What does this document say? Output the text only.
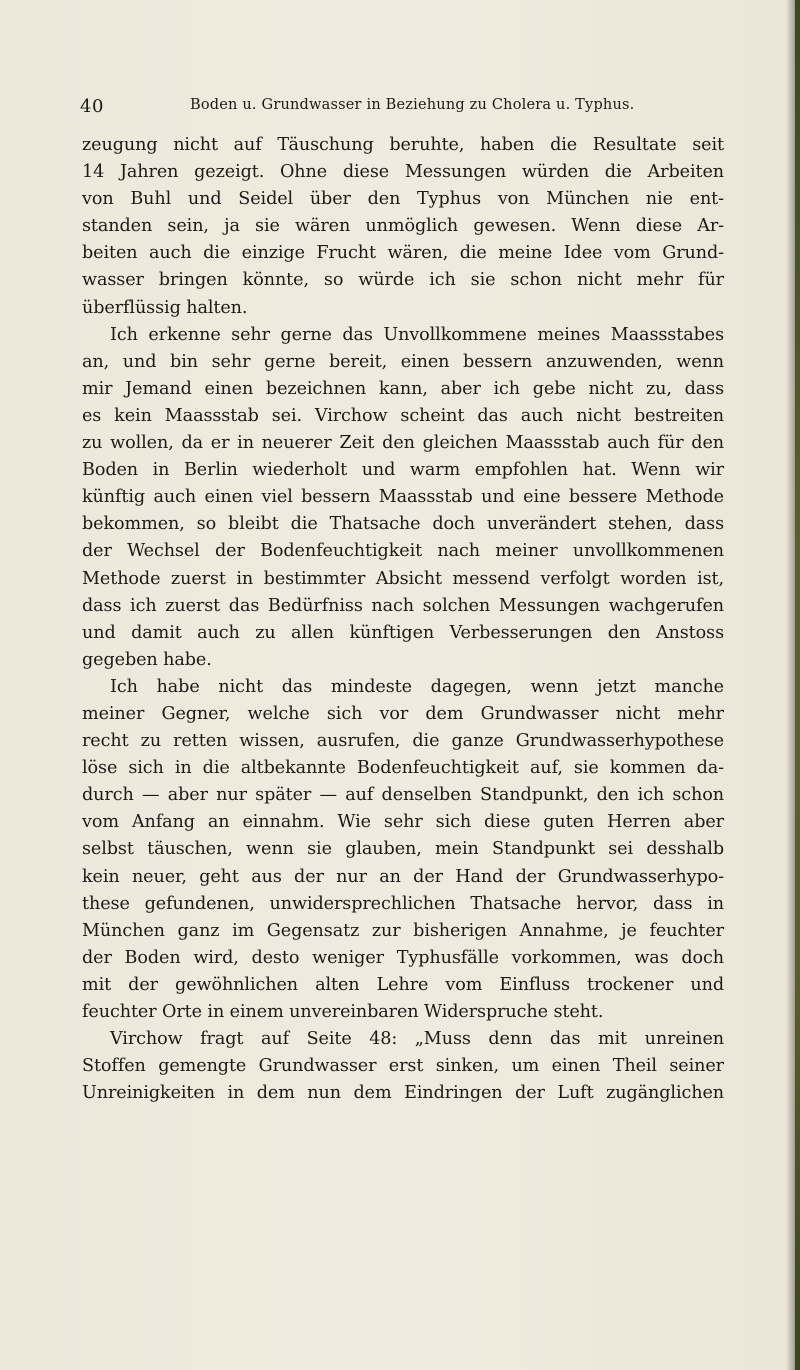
40	Boden u. Grundwasser in Beziehung zu Cholera u. Typhus.
zeugung nicht auf Täuschung beruhte, haben die Resultate seit
14 Jahren gezeigt. Ohne diese Messungen würden die Arbeiten
von Buhl und Seidel über den Typhus von München nie ent-
standen sein, ja sie wären unmöglich gewesen. Wenn diese Ar-
beiten auch die einzige Frucht wären, die meine Idee vom Grund-
wasser bringen könnte, so würde ich sie schon nicht mehr für
überflüssig halten.
Ich erkenne sehr gerne das Unvollkommene meines Maassstabes
an, und bin sehr gerne bereit, einen bessern anzuwenden, wenn
mir Jemand einen bezeichnen kann, aber ich gebe nicht zu, dass
es kein Maassstab sei. Virchow scheint das auch nicht bestreiten
zu wollen, da er in neuerer Zeit den gleichen Maassstab auch für den
Boden in Berlin wiederholt und warm empfohlen hat. Wenn wir
künftig auch einen viel bessern Maassstab und eine bessere Methode
bekommen, so bleibt die Thatsache doch unverändert stehen, dass
der Wechsel der Bodenfeuchtigkeit nach meiner unvollkommenen
Methode zuerst in bestimmter Absicht messend verfolgt worden ist,
dass ich zuerst das Bedürfniss nach solchen Messungen wachgerufen
und damit auch zu allen künftigen Verbesserungen den Anstoss
gegeben habe.
Ich habe nicht das mindeste dagegen, wenn jetzt manche
meiner Gegner, welche sich vor dem Grundwasser nicht mehr
recht zu retten wissen, ausrufen, die ganze Grundwasserhypothese
löse sich in die altbekannte Bodenfeuchtigkeit auf, sie kommen da-
durch — aber nur später — auf denselben Standpunkt, den ich schon
vom Anfang an einnahm. Wie sehr sich diese guten Herren aber
selbst täuschen, wenn sie glauben, mein Standpunkt sei desshalb
kein neuer, geht aus der nur an der Hand der Grundwasserhypo-
these gefundenen, unwidersprechlichen Thatsache hervor, dass in
München ganz im Gegensatz zur bisherigen Annahme, je feuchter
der Boden wird, desto weniger Typhusfälle vorkommen, was doch
mit der gewöhnlichen alten Lehre vom Einfluss trockener und
feuchter Orte in einem unvereinbaren Widerspruche steht.
Virchow fragt auf Seite 48: „Muss denn das mit unreinen
Stoffen gemengte Grundwasser erst sinken, um einen Theil seiner
Unreinigkeiten in dem nun dem Eindringen der Luft zugänglichen
